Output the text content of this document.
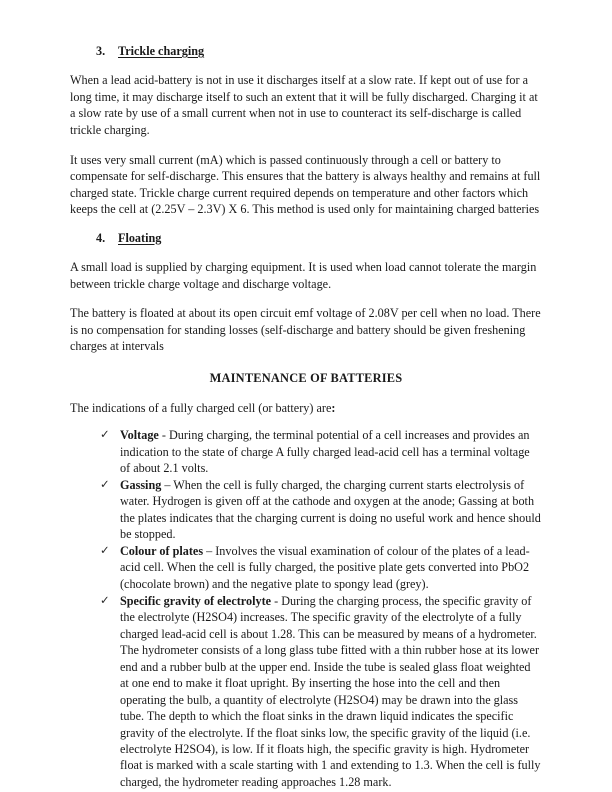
3.	Trickle charging

When a lead acid-battery is not in use it discharges itself at a slow rate. If kept out of use for a long time, it may discharge itself to such an extent that it will be fully discharged. Charging it at a slow rate by use of a small current when not in use to counteract its self-discharge is called trickle charging.

It uses very small current (mA) which is passed continuously through a cell or battery to compensate for self-discharge. This ensures that the battery is always healthy and remains at full charged state. Trickle charge current required depends on temperature and other factors which keeps the cell at (2.25V – 2.3V) X 6. This method is used only for maintaining charged batteries

4.	Floating

A small load is supplied by charging equipment. It is used when load cannot tolerate the margin between trickle charge voltage and discharge voltage.

The battery is floated at about its open circuit emf voltage of 2.08V per cell when no load. There is no compensation for standing losses (self-discharge and battery should be given freshening charges at intervals

MAINTENANCE OF BATTERIES

The indications of a fully charged cell (or battery) are:

✓ Voltage - During charging, the terminal potential of a cell increases and provides an indication to the state of charge A fully charged lead-acid cell has a terminal voltage of about 2.1 volts.
✓ Gassing – When the cell is fully charged, the charging current starts electrolysis of water. Hydrogen is given off at the cathode and oxygen at the anode; Gassing at both the plates indicates that the charging current is doing no useful work and hence should be stopped.
✓ Colour of plates – Involves the visual examination of colour of the plates of a lead-acid cell. When the cell is fully charged, the positive plate gets converted into PbO2 (chocolate brown) and the negative plate to spongy lead (grey).
✓ Specific gravity of electrolyte - During the charging process, the specific gravity of the electrolyte (H2SO4) increases. The specific gravity of the electrolyte of a fully charged lead-acid cell is about 1.28. This can be measured by means of a hydrometer.

The hydrometer consists of a long glass tube fitted with a thin rubber hose at its lower end and a rubber bulb at the upper end. Inside the tube is sealed glass float weighted at one end to make it float upright. By inserting the hose into the cell and then operating the bulb, a quantity of electrolyte (H2SO4) may be drawn into the glass tube. The depth to which the float sinks in the drawn liquid indicates the specific gravity of the electrolyte. If the float sinks low, the specific gravity of the liquid (i.e. electrolyte H2SO4), is low. If it floats high, the specific gravity is high. Hydrometer float is marked with a scale starting with 1 and extending to 1.3. When the cell is fully charged, the hydrometer reading approaches 1.28 mark.
